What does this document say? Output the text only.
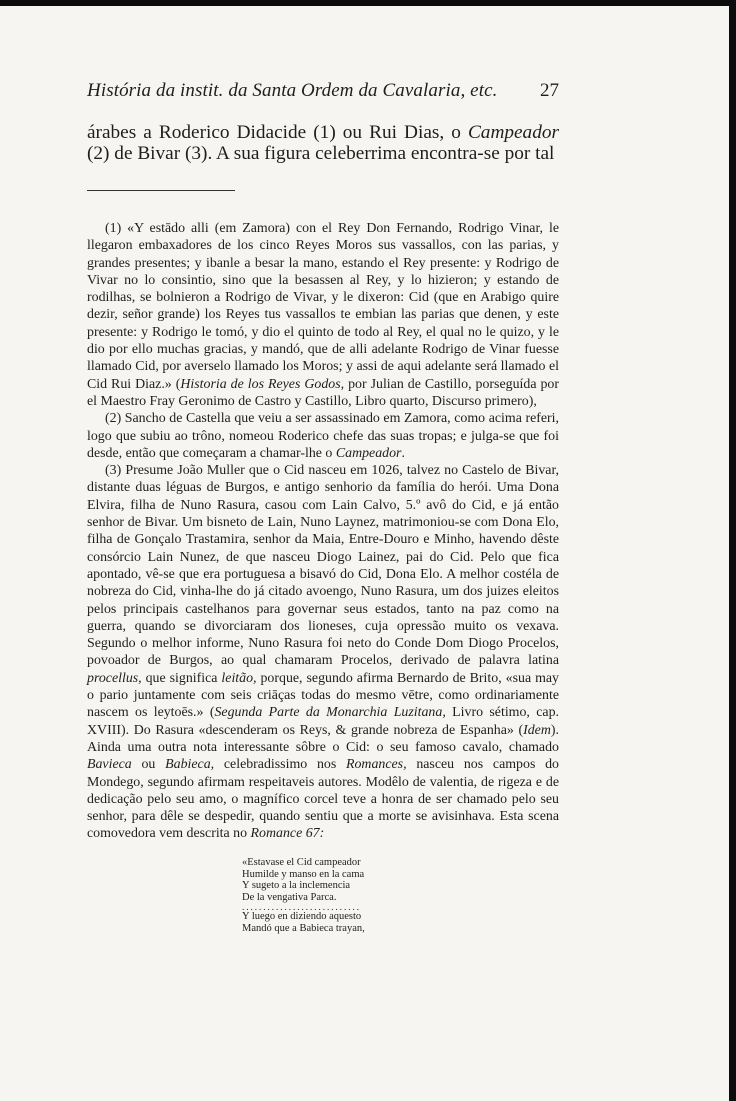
História da instit. da Santa Ordem da Cavalaria, etc. 27

árabes a Roderico Didacide (1) ou Rui Dias, o Campeador (2) de Bivar (3). A sua figura celeberrima encontra-se por tal

(1) «Y estādo alli (em Zamora) con el Rey Don Fernando, Rodrigo Vinar, le llegaron embaxadores de los cinco Reyes Moros sus vassallos, con las parias, y grandes presentes; y ibanle a besar la mano, estando el Rey presente: y Rodrigo de Vivar no lo consintio, sino que la besassen al Rey, y lo hizieron; y estando de rodilhas, se bolnieron a Rodrigo de Vivar, y le dixeron: Cid (que en Arabigo quire dezir, señor grande) los Reyes tus vassallos te embian las parias que denen, y este presente: y Rodrigo le tomó, y dio el quinto de todo al Rey, el qual no le quizo, y le dio por ello muchas gracias, y mandó, que de alli adelante Rodrigo de Vinar fuesse llamado Cid, por averselo llamado los Moros; y assi de aqui adelante será llamado el Cid Rui Diaz.» (Historia de los Reyes Godos, por Julian de Castillo, porseguída por el Maestro Fray Geronimo de Castro y Castillo, Libro quarto, Discurso primero),

(2) Sancho de Castella que veiu a ser assassinado em Zamora, como acima referi, logo que subiu ao trôno, nomeou Roderico chefe das suas tropas; e julga-se que foi desde, então que começaram a chamar-lhe o Campeador.

(3) Presume João Muller que o Cid nasceu em 1026, talvez no Castelo de Bivar, distante duas léguas de Burgos, e antigo senhorio da família do herói. Uma Dona Elvira, filha de Nuno Rasura, casou com Lain Calvo, 5.º avô do Cid, e já então senhor de Bivar. Um bisneto de Lain, Nuno Laynez, matrimoniou-se com Dona Elo, filha de Gonçalo Trastamira, senhor da Maia, Entre-Douro e Minho, havendo dêste consórcio Lain Nunez, de que nasceu Diogo Lainez, pai do Cid. Pelo que fica apontado, vê-se que era portuguesa a bisavó do Cid, Dona Elo. A melhor costéla de nobreza do Cid, vinha-lhe do já citado avoengo, Nuno Rasura, um dos juizes eleitos pelos principais castelhanos para governar seus estados, tanto na paz como na guerra, quando se divorciaram dos lioneses, cuja opressão muito os vexava. Segundo o melhor informe, Nuno Rasura foi neto do Conde Dom Diogo Procelos, povoador de Burgos, ao qual chamaram Procelos, derivado de palavra latina procellus, que significa leitão, porque, segundo afirma Bernardo de Brito, «sua may o pario juntamente com seis criāças todas do mesmo vētre, como ordinariamente nascem os leytoēs.» (Segunda Parte da Monarchia Luzitana, Livro sétimo, cap. XVIII). Do Rasura «descenderam os Reys, & grande nobreza de Espanha» (Idem). Ainda uma outra nota interessante sôbre o Cid: o seu famoso cavalo, chamado Bavieca ou Babieca, celebradissimo nos Romances, nasceu nos campos do Mondego, segundo afirmam respeitaveis autores. Modêlo de valentia, de rigeza e de dedicação pelo seu amo, o magnífico corcel teve a honra de ser chamado pelo seu senhor, para dêle se despedir, quando sentiu que a morte se avisinhava. Esta scena comovedora vem descrita no Romance 67:

«Estavase el Cid campeador
Humilde y manso en la cama
Y sugeto a la inclemencia
De la vengativa Parca.
............................
Y luego en diziendo aquesto
Mandó que a Babieca trayan,
